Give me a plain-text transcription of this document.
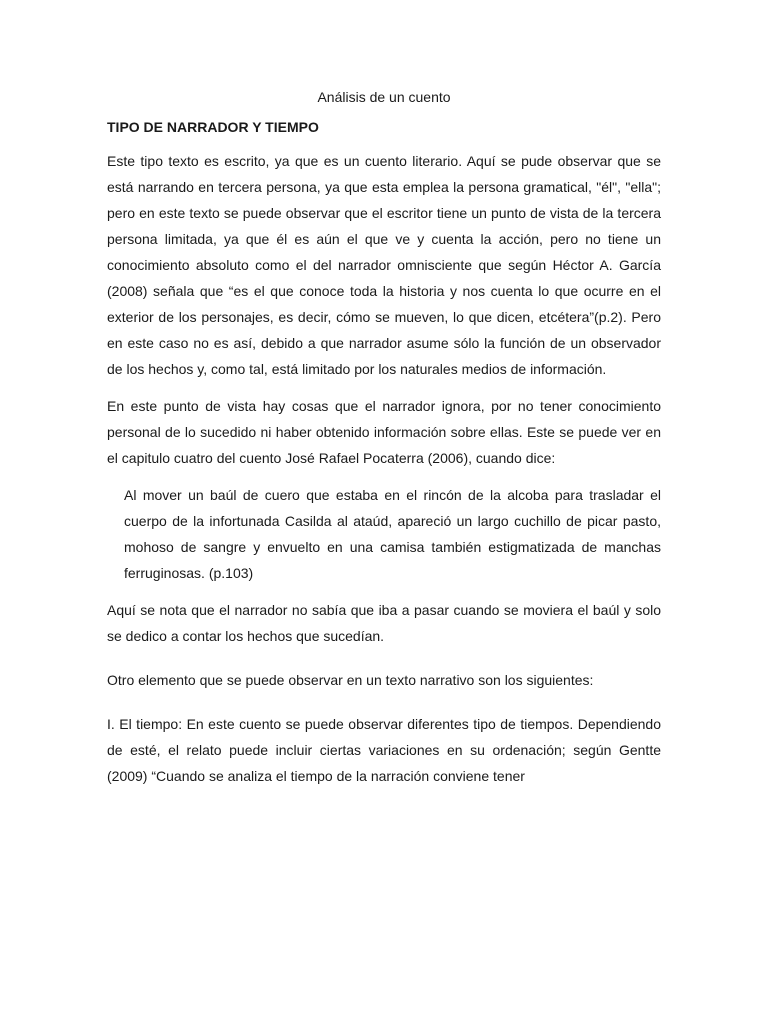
Análisis de un cuento
TIPO DE NARRADOR Y TIEMPO

Este tipo texto es escrito, ya que es un cuento literario. Aquí se pude observar que se está narrando en tercera persona, ya que esta emplea la persona gramatical, "él", "ella"; pero en este texto se puede observar que el escritor tiene un punto de vista de la tercera persona limitada, ya que él es aún el que ve y cuenta la acción, pero no tiene un conocimiento absoluto como el del narrador omnisciente que según Héctor A. García (2008) señala que “es el que conoce toda la historia y nos cuenta lo que ocurre en el exterior de los personajes, es decir, cómo se mueven, lo que dicen, etcétera”(p.2). Pero en este caso no es así, debido a que narrador asume sólo la función de un observador de los hechos y, como tal, está limitado por los naturales medios de información.

En este punto de vista hay cosas que el narrador ignora, por no tener conocimiento personal de lo sucedido ni haber obtenido información sobre ellas. Este se puede ver en el capitulo cuatro del cuento José Rafael Pocaterra (2006), cuando dice:

Al mover un baúl de cuero que estaba en el rincón de la alcoba para trasladar el cuerpo de la infortunada Casilda al ataúd, apareció un largo cuchillo de picar pasto, mohoso de sangre y envuelto en una camisa también estigmatizada de manchas ferruginosas. (p.103)

Aquí se nota que el narrador no sabía que iba a pasar cuando se moviera el baúl y solo se dedico a contar los hechos que sucedían.

Otro elemento que se puede observar en un texto narrativo son los siguientes:

I. El tiempo: En este cuento se puede observar diferentes tipo de tiempos. Dependiendo de esté, el relato puede incluir ciertas variaciones en su ordenación; según Gentte (2009) “Cuando se analiza el tiempo de la narración conviene tener
